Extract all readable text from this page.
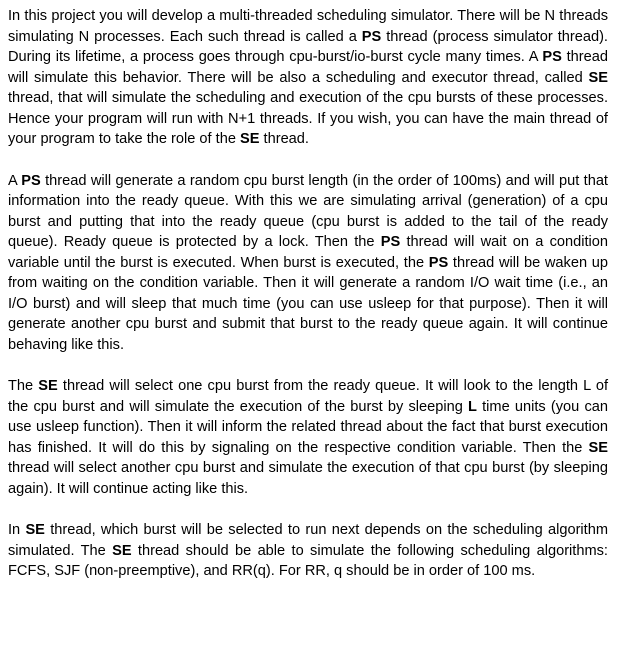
In this project you will develop a multi-threaded scheduling simulator. There will be N threads simulating N processes. Each such thread is called a PS thread (process simulator thread). During its lifetime, a process goes through cpu-burst/io-burst cycle many times. A PS thread will simulate this behavior. There will be also a scheduling and executor thread, called SE thread, that will simulate the scheduling and execution of the cpu bursts of these processes. Hence your program will run with N+1 threads. If you wish, you can have the main thread of your program to take the role of the SE thread.

A PS thread will generate a random cpu burst length (in the order of 100ms) and will put that information into the ready queue. With this we are simulating arrival (generation) of a cpu burst and putting that into the ready queue (cpu burst is added to the tail of the ready queue). Ready queue is protected by a lock. Then the PS thread will wait on a condition variable until the burst is executed. When burst is executed, the PS thread will be waken up from waiting on the condition variable. Then it will generate a random I/O wait time (i.e., an I/O burst) and will sleep that much time (you can use usleep for that purpose). Then it will generate another cpu burst and submit that burst to the ready queue again. It will continue behaving like this.

The SE thread will select one cpu burst from the ready queue. It will look to the length L of the cpu burst and will simulate the execution of the burst by sleeping L time units (you can use usleep function). Then it will inform the related thread about the fact that burst execution has finished. It will do this by signaling on the respective condition variable. Then the SE thread will select another cpu burst and simulate the execution of that cpu burst (by sleeping again). It will continue acting like this.

In SE thread, which burst will be selected to run next depends on the scheduling algorithm simulated. The SE thread should be able to simulate the following scheduling algorithms: FCFS, SJF (non-preemptive), and RR(q). For RR, q should be in order of 100 ms.
